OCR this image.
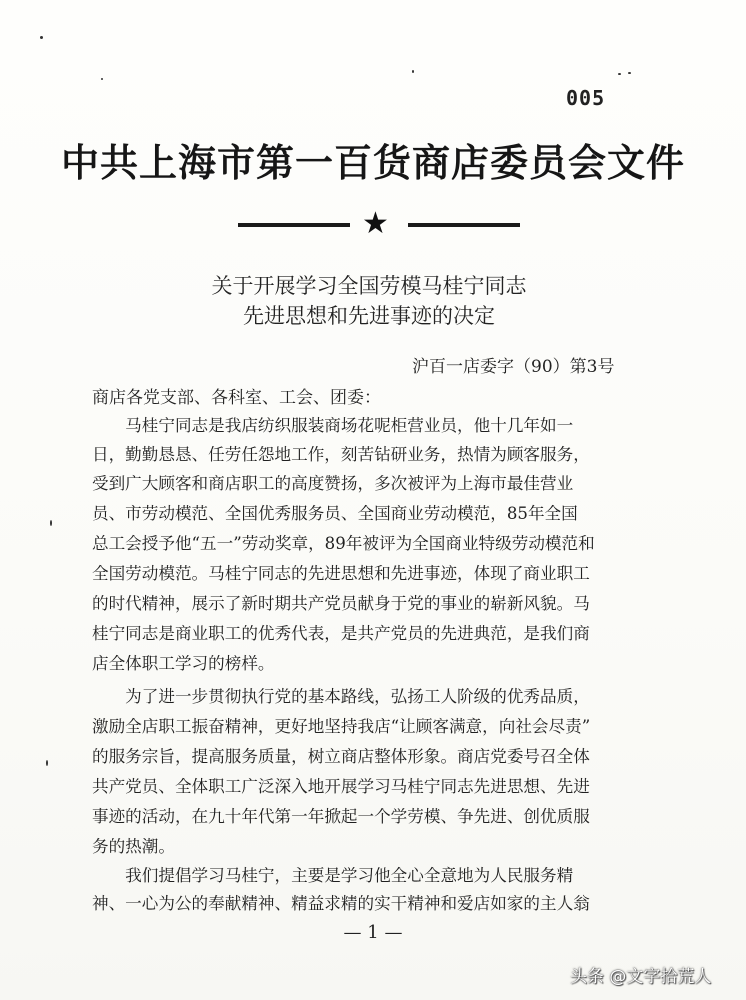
005
中共上海市第一百货商店委员会文件
★
关于开展学习全国劳模马桂宁同志
先进思想和先进事迹的决定
沪百一店委字（90）第3号
商店各党支部、各科室、工会、团委：
— 1 —
头条 @文字拾荒人
　　马桂宁同志是我店纺织服装商场花呢柜营业员，他十几年如一
日，勤勤恳恳、任劳任怨地工作，刻苦钻研业务，热情为顾客服务，
受到广大顾客和商店职工的高度赞扬，多次被评为上海市最佳营业
员、市劳动模范、全国优秀服务员、全国商业劳动模范，85年全国
总工会授予他“五一”劳动奖章，89年被评为全国商业特级劳动模范和
全国劳动模范。马桂宁同志的先进思想和先进事迹，体现了商业职工
的时代精神，展示了新时期共产党员献身于党的事业的崭新风貌。马
桂宁同志是商业职工的优秀代表，是共产党员的先进典范，是我们商
店全体职工学习的榜样。
　　为了进一步贯彻执行党的基本路线，弘扬工人阶级的优秀品质，
激励全店职工振奋精神，更好地坚持我店“让顾客满意，向社会尽责”
的服务宗旨，提高服务质量，树立商店整体形象。商店党委号召全体
共产党员、全体职工广泛深入地开展学习马桂宁同志先进思想、先进
事迹的活动，在九十年代第一年掀起一个学劳模、争先进、创优质服
务的热潮。
　　我们提倡学习马桂宁，主要是学习他全心全意地为人民服务精
神、一心为公的奉献精神、精益求精的实干精神和爱店如家的主人翁
